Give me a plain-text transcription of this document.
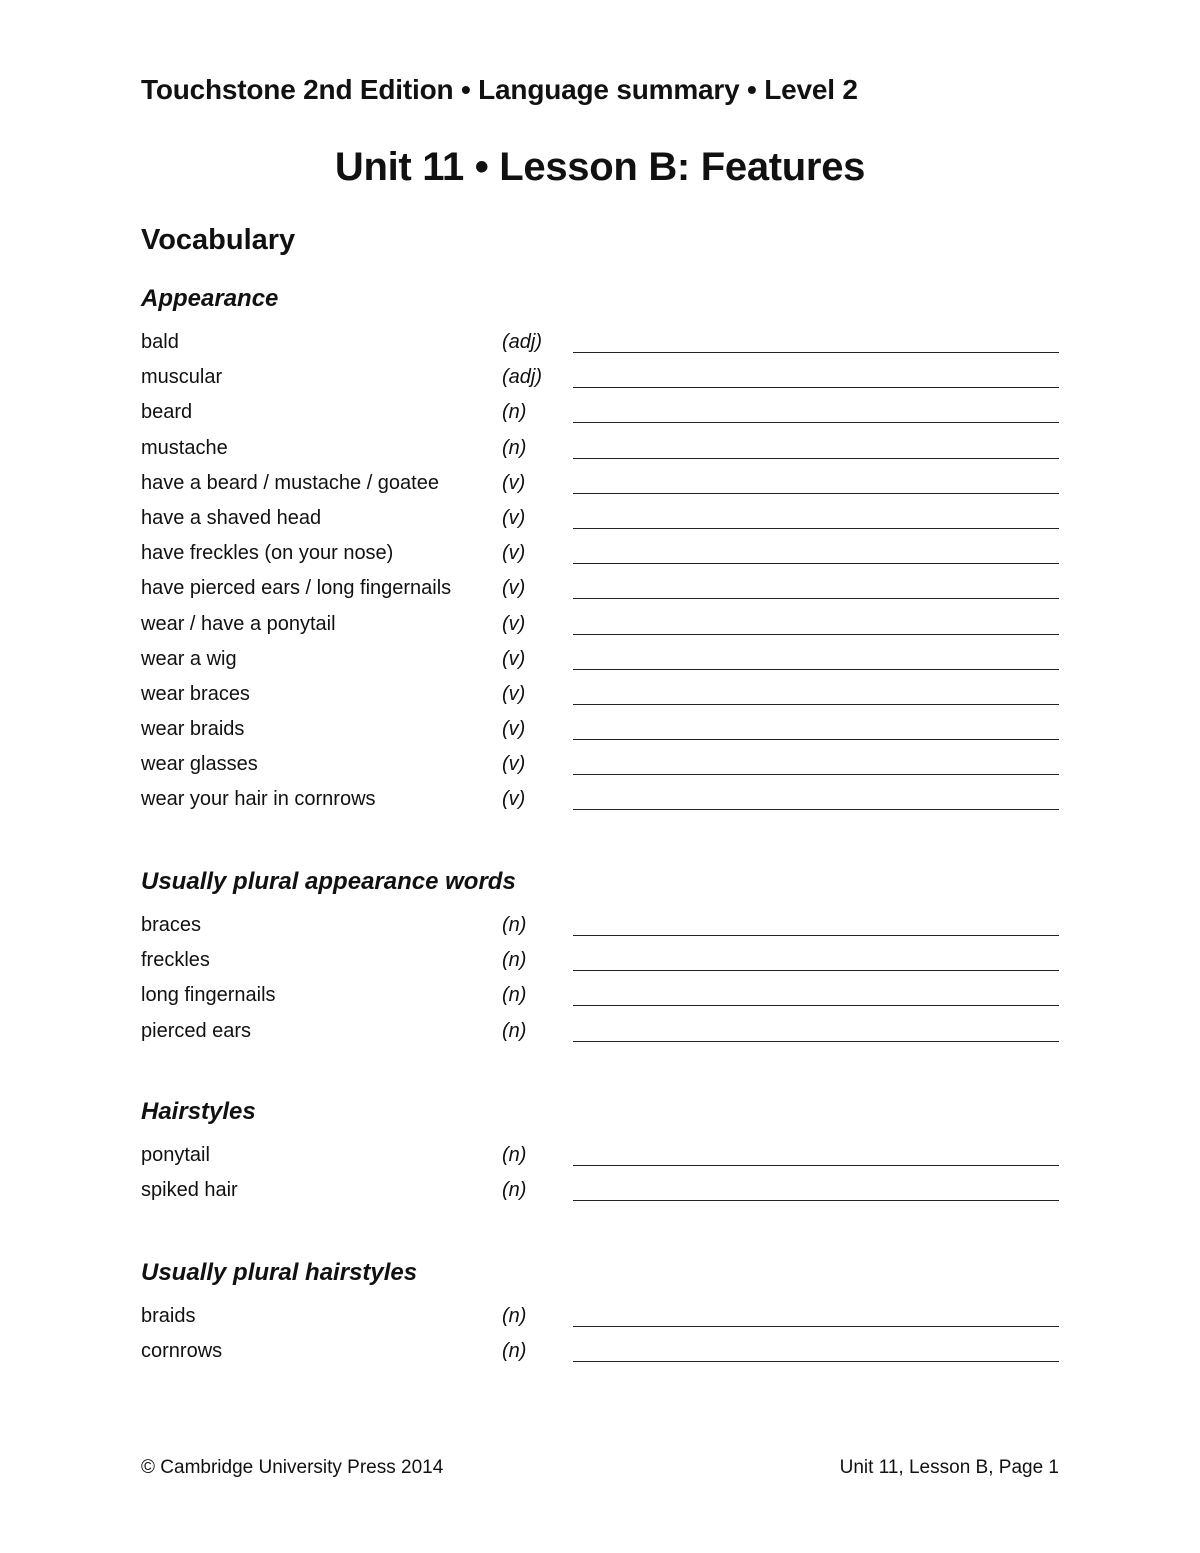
Touchstone 2nd Edition • Language summary • Level 2
Unit 11 • Lesson B: Features
Vocabulary
Appearance
bald	(adj)
muscular	(adj)
beard	(n)
mustache	(n)
have a beard / mustache / goatee	(v)
have a shaved head	(v)
have freckles (on your nose)	(v)
have pierced ears / long fingernails	(v)
wear / have a ponytail	(v)
wear a wig	(v)
wear braces	(v)
wear braids	(v)
wear glasses	(v)
wear your hair in cornrows	(v)
Usually plural appearance words
braces	(n)
freckles	(n)
long fingernails	(n)
pierced ears	(n)
Hairstyles
ponytail	(n)
spiked hair	(n)
Usually plural hairstyles
braids	(n)
cornrows	(n)
© Cambridge University Press 2014	Unit 11, Lesson B, Page 1
